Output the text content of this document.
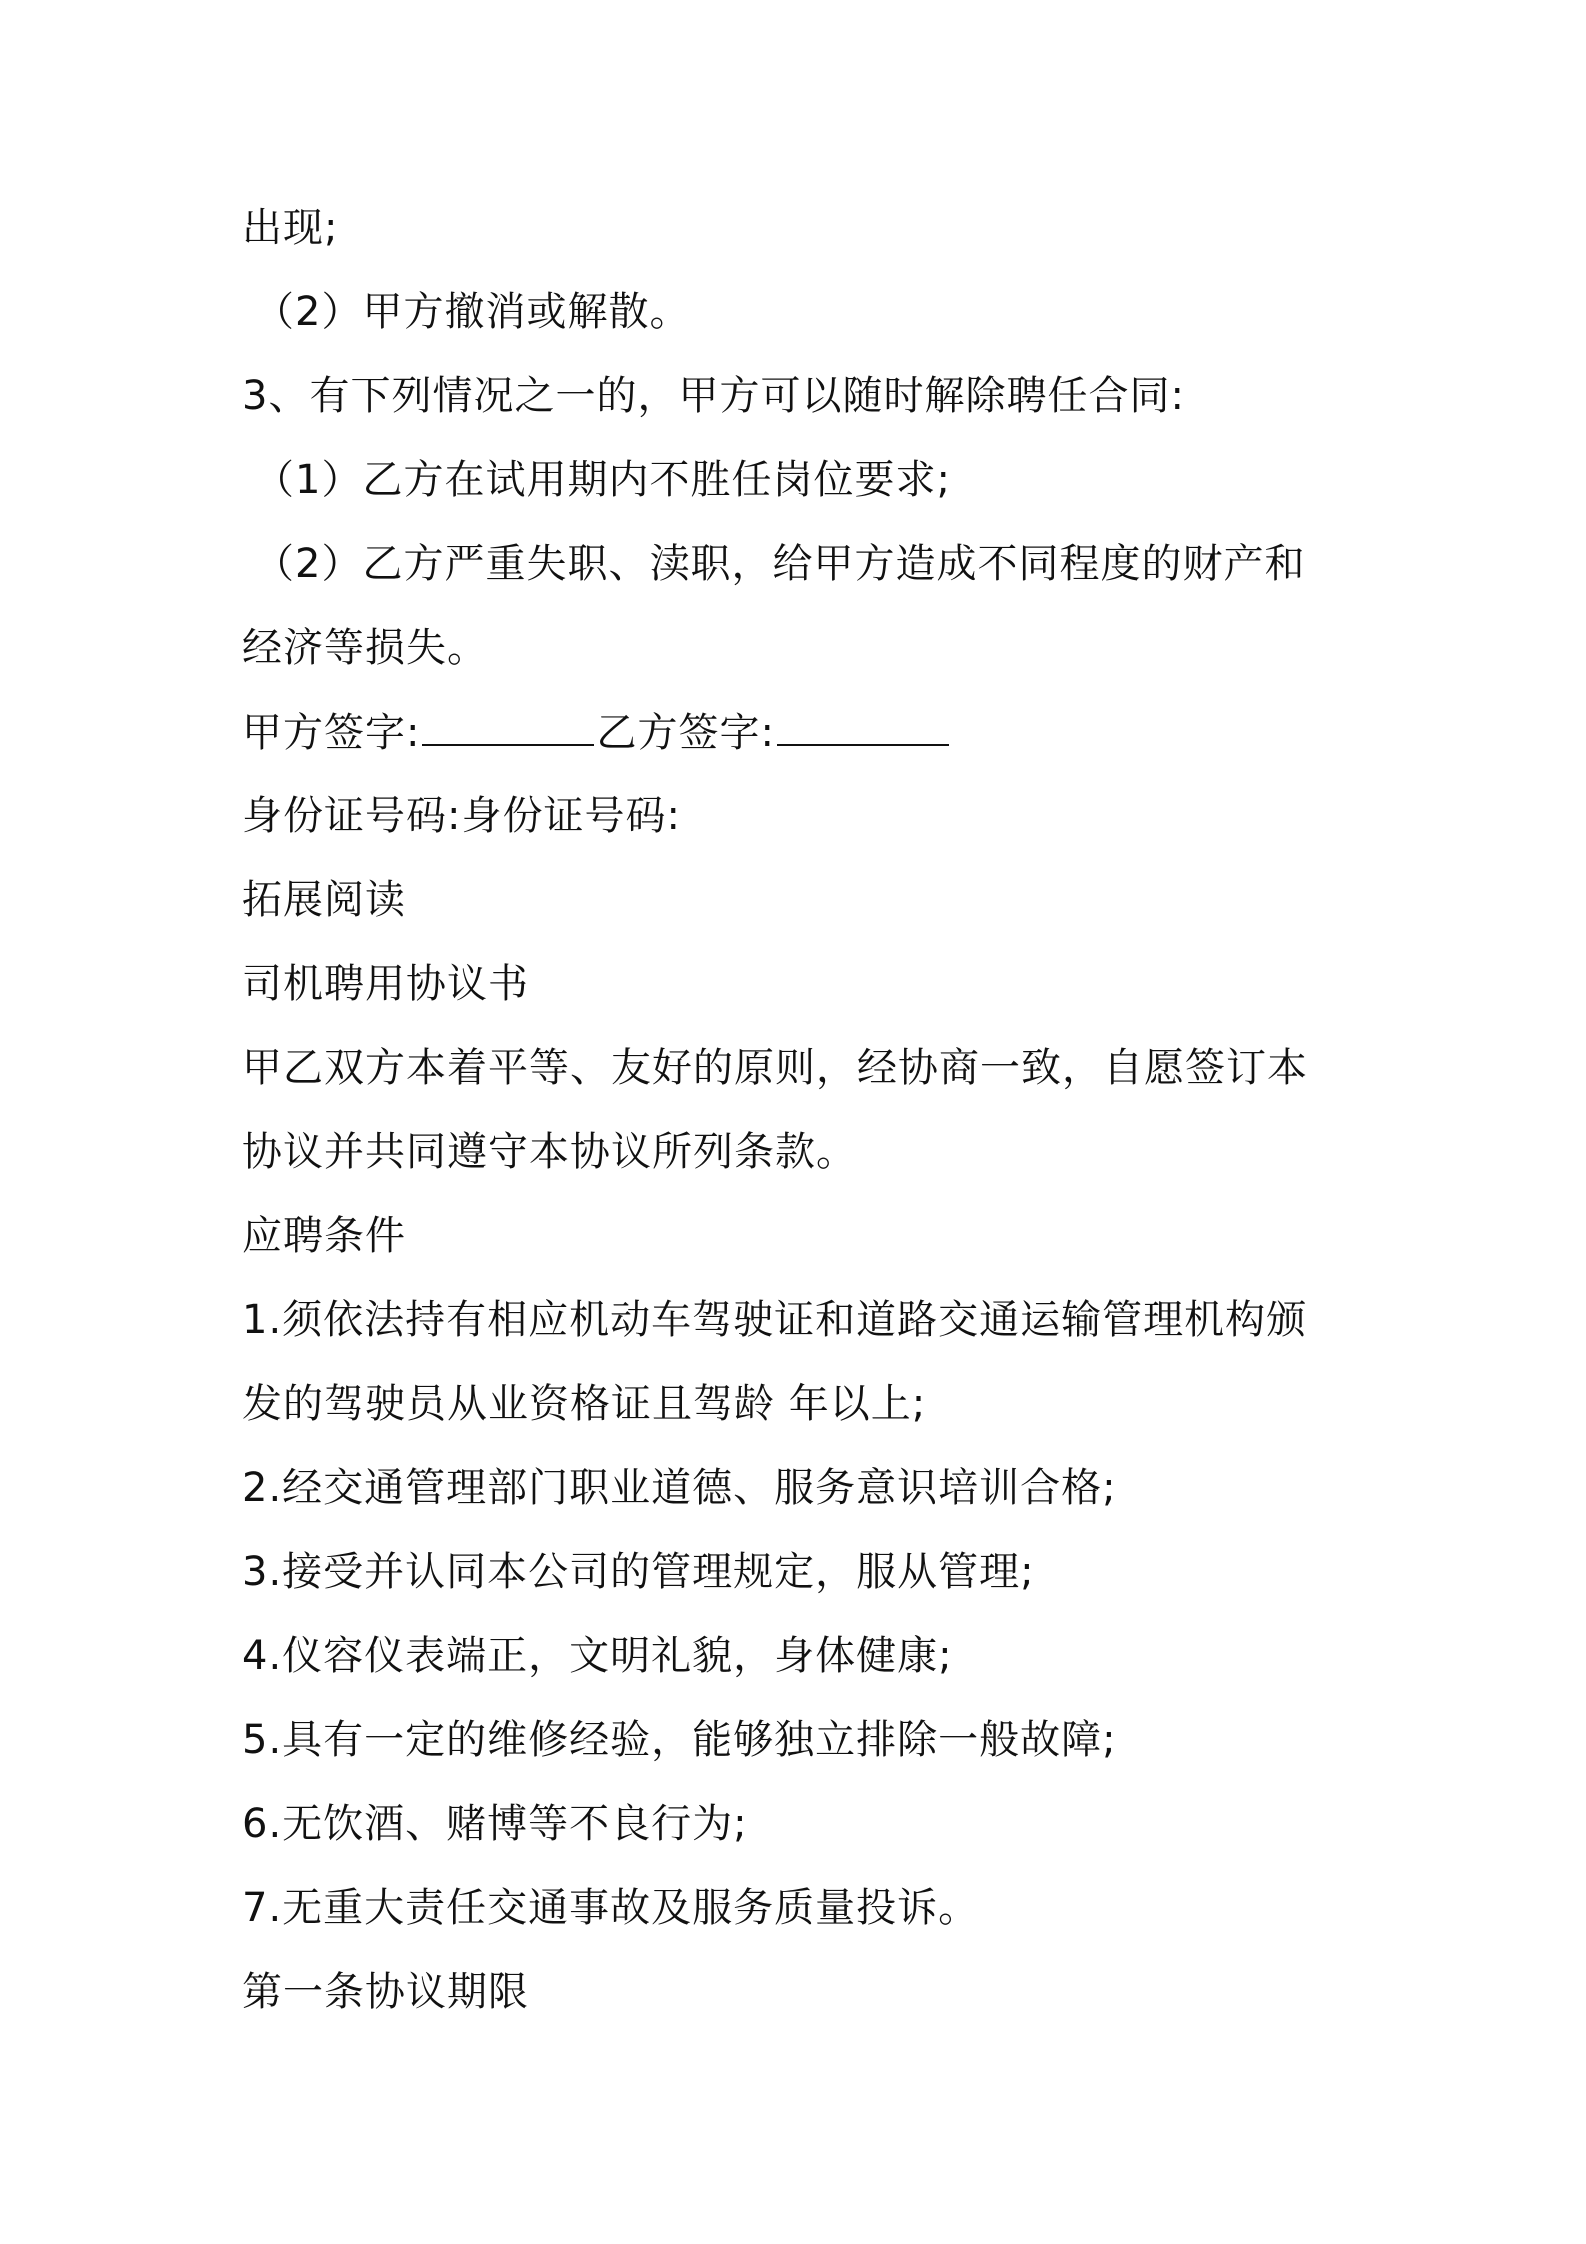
出现;
（2）甲方撤消或解散。
3、有下列情况之一的，甲方可以随时解除聘任合同:
（1）乙方在试用期内不胜任岗位要求;
（2）乙方严重失职、渎职，给甲方造成不同程度的财产和
经济等损失。
甲方签字:	乙方签字:
身份证号码:身份证号码:
拓展阅读
司机聘用协议书
甲乙双方本着平等、友好的原则，经协商一致，自愿签订本
协议并共同遵守本协议所列条款。
应聘条件
1.须依法持有相应机动车驾驶证和道路交通运输管理机构颁
发的驾驶员从业资格证且驾龄 年以上;
2.经交通管理部门职业道德、服务意识培训合格;
3.接受并认同本公司的管理规定，服从管理;
4.仪容仪表端正，文明礼貌，身体健康;
5.具有一定的维修经验，能够独立排除一般故障;
6.无饮酒、赌博等不良行为;
7.无重大责任交通事故及服务质量投诉。
第一条协议期限
